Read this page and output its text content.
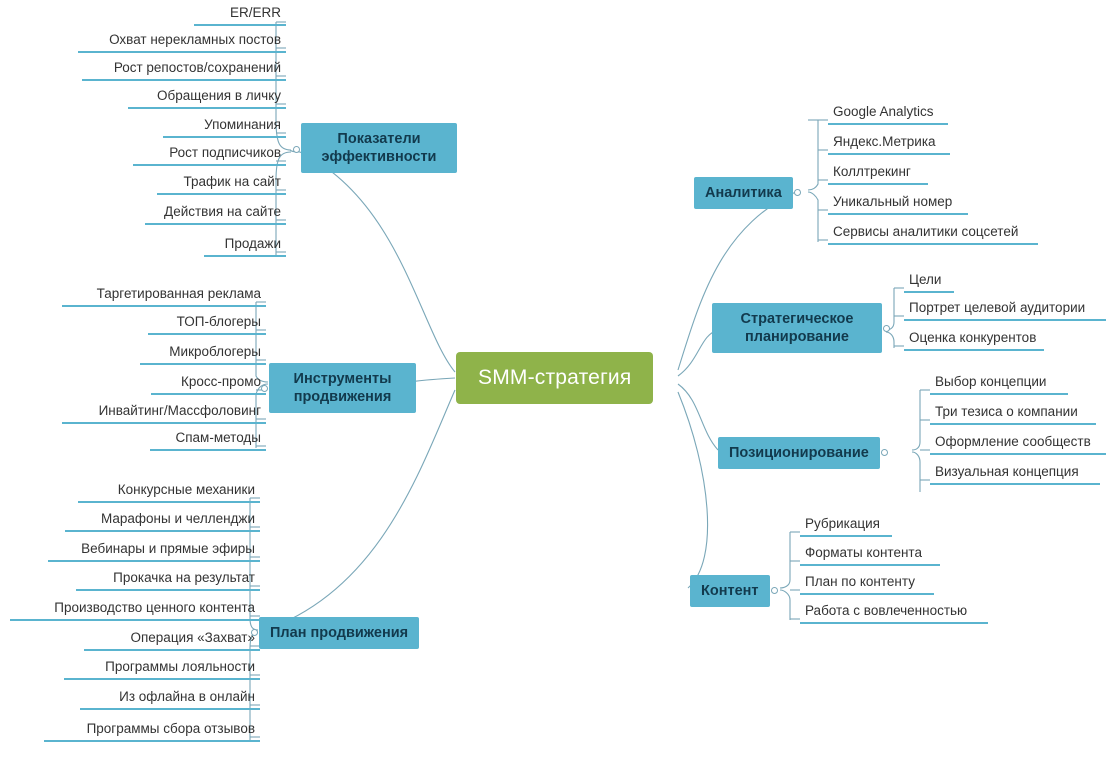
SMM-стратегия
Показатели
эффективности
ER/ERR
Охват нерекламных постов
Рост репостов/сохранений
Обращения в личку
Упоминания
Рост подписчиков
Трафик на сайт
Действия на сайте
Продажи
Инструменты
продвижения
Таргетированная реклама
ТОП-блогеры
Микроблогеры
Кросс-промо
Инвайтинг/Массфоловинг
Спам-методы
План продвижения
Конкурсные механики
Марафоны и челленджи
Вебинары и прямые эфиры
Прокачка на результат
Производство ценного контента
Операция «Захват»
Программы лояльности
Из офлайна в онлайн
Программы сбора отзывов
Аналитика
Google Analytics
Яндекс.Метрика
Коллтрекинг
Уникальный номер
Сервисы аналитики соцсетей
Стратегическое
планирование
Цели
Портрет целевой аудитории
Оценка конкурентов
Позиционирование
Выбор концепции
Три тезиса о компании
Оформление сообществ
Визуальная концепция
Контент
Рубрикация
Форматы контента
План по контенту
Работа с вовлеченностью
